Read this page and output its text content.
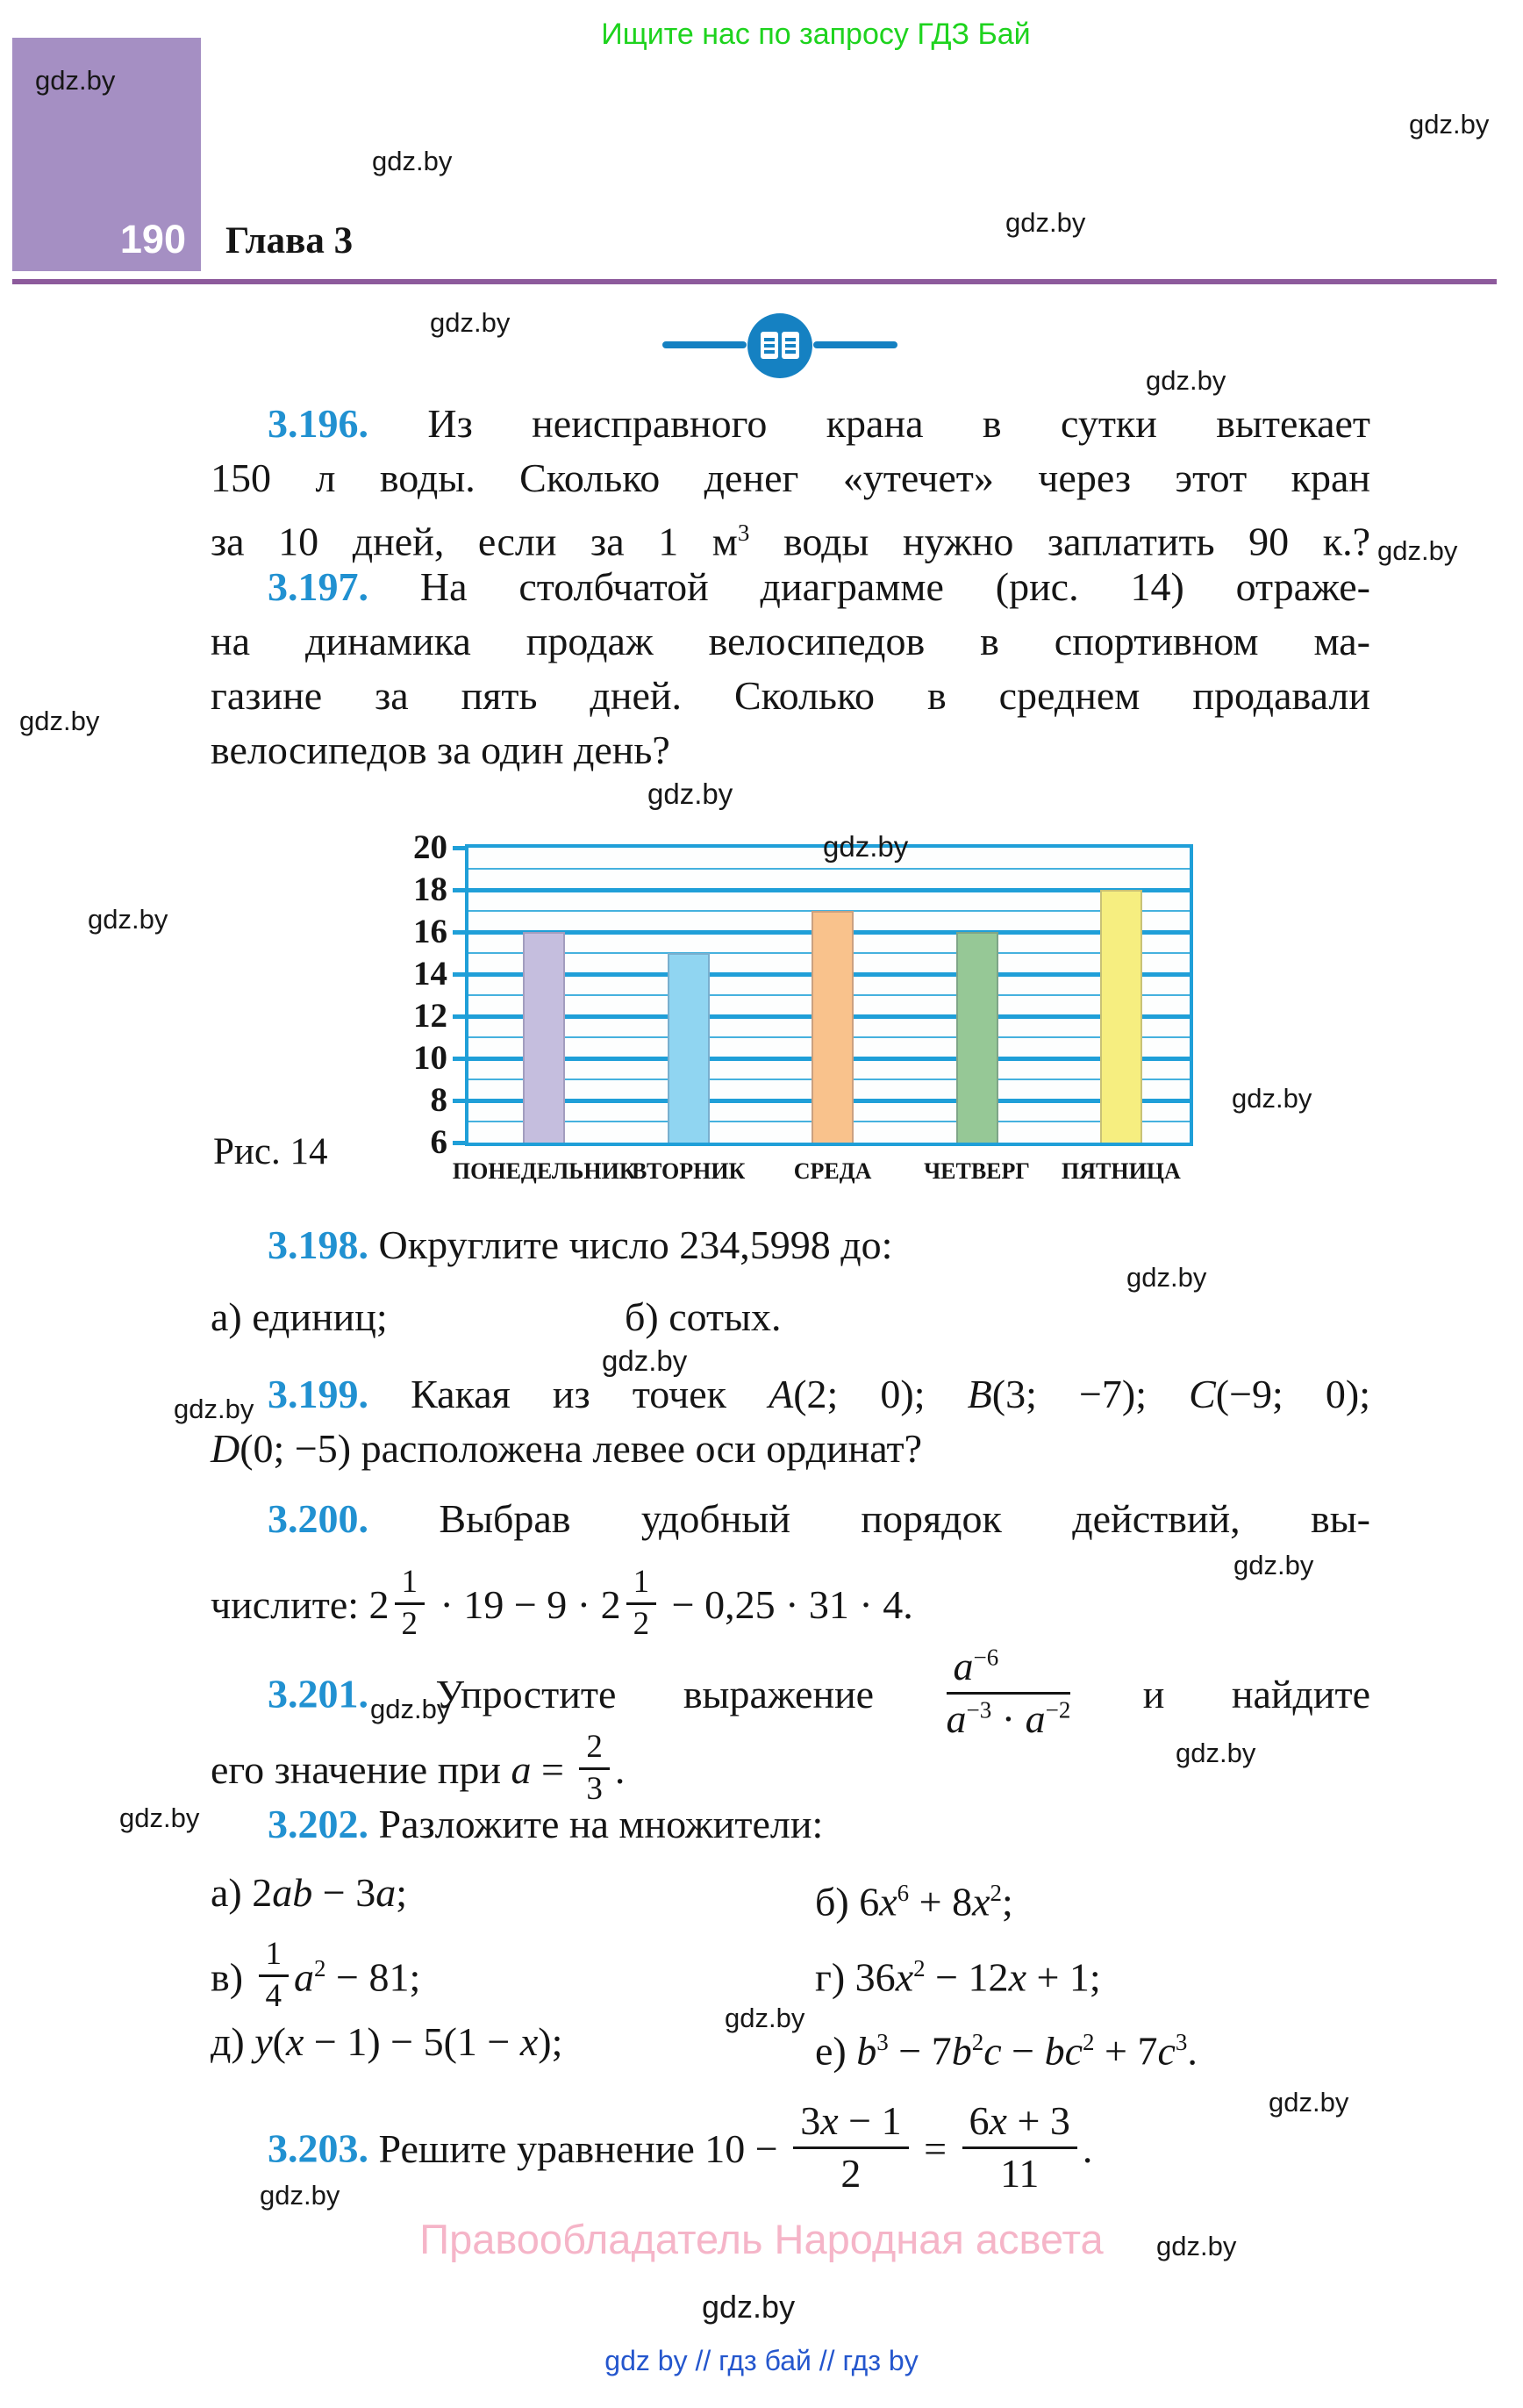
Ищите нас по запросу ГДЗ Бай
190 Глава 3
3.196. Из неисправного крана в сутки вытекает
150 л воды. Сколько денег «утечет» через этот кран
за 10 дней, если за 1 $м^3$ воды нужно заплатить 90 к.?
3.197. На столбчатой диаграмме (рис. 14) отраже-
на динамика продаж велосипедов в спортивном ма-
газине за пять дней. Сколько в среднем продавали
велосипедов за один день?
6
8
10
12
14
16
18
20
ПОНЕДЕЛЬНИК
ВТОРНИК СРЕДА ЧЕТВЕРГ ПЯТНИЦА
Рис. 14
3.198. Округлите число 234,5998 до:
а) единиц;	б) сотых.
3.199. Какая из точек A(2; 0); B(3; −7); C(−9; 0);
D(0; −5) расположена левее оси ординат?
3.200. Выбрав удобный порядок действий, вы-
числите: $2 \frac{1}{2} \cdot 19 - 9 \cdot 2 \frac{1}{2} - 0,25 \cdot 31 \cdot 4$.
3.201. Упростите выражение $\frac{a^{-6}}{a^{-3} \cdot a^{-2}}$ и найдите
его значение при $a = \frac{2}{3}$ .
3.202. Разложите на множители:
а) 2ab − 3a;	б) $6x^6 + 8x^2$;
$в) \frac{1}{4} a^2 - 81$;	г) $36x^2 - 12x + 1$;
д) y(x − 1) − 5(1 − x);	е) $b^3 - 7b^2c - bc^2 + 7c^3$.
3.203. Решите уравнение $10 - \frac{3x - 1}{2} = \frac{6x + 3}{11}$ .
Правообладатель Народная асвета
gdz by // гдз бай // гдз by
gdz.by
gdz.by
gdz.by
gdz.by
gdz.by
gdz.by
gdz.by
gdz.by
gdz.by
gdz.by
gdz.by
gdz.by
gdz.by
gdz.by
gdz.by
gdz.by
gdz.by
gdz.by
gdz.by
gdz.by
gdz.by
gdz.by
gdz.by
gdz.by
